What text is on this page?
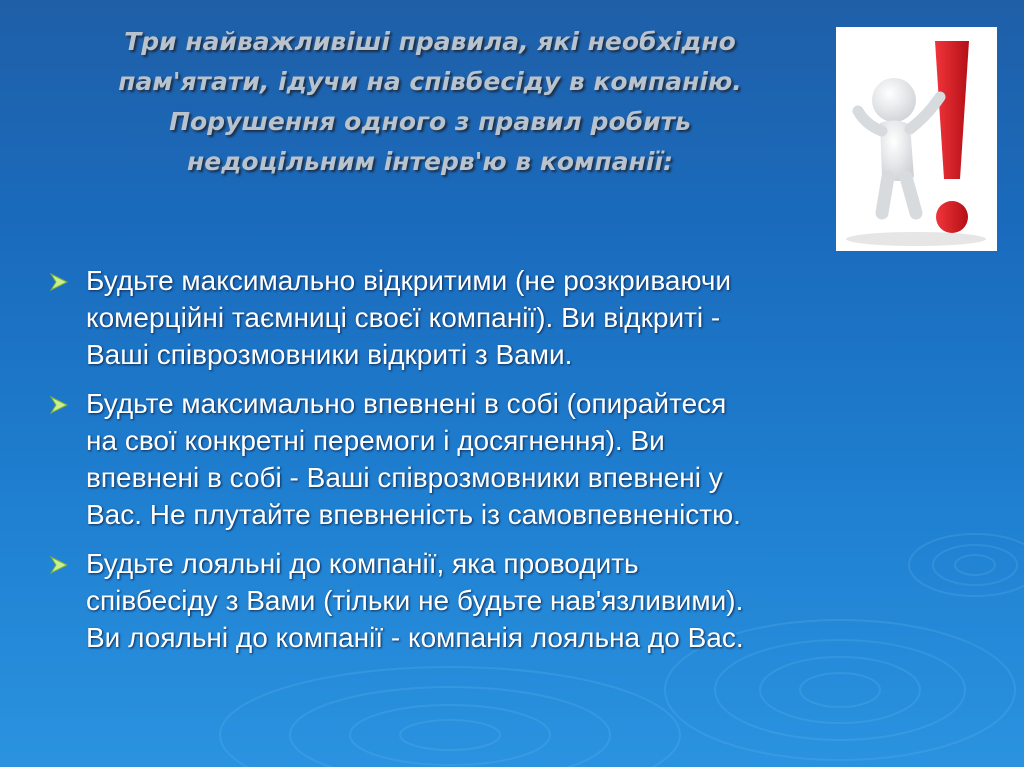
Три найважливіші правила, які необхідно
пам'ятати, ідучи на співбесіду в компанію.
Порушення одного з правил робить
недоцільним інтерв'ю в компанії:
Будьте максимально відкритими (не розкриваючи
комерційні таємниці своєї компанії). Ви відкриті -
Ваші співрозмовники відкриті з Вами.
Будьте максимально впевнені в собі (опирайтеся
на свої конкретні перемоги і досягнення). Ви
впевнені в собі - Ваші співрозмовники впевнені у
Вас. Не плутайте впевненість із самовпевненістю.
Будьте лояльні до компанії, яка проводить
співбесіду з Вами (тільки не будьте нав'язливими).
Ви лояльні до компанії - компанія лояльна до Вас.
